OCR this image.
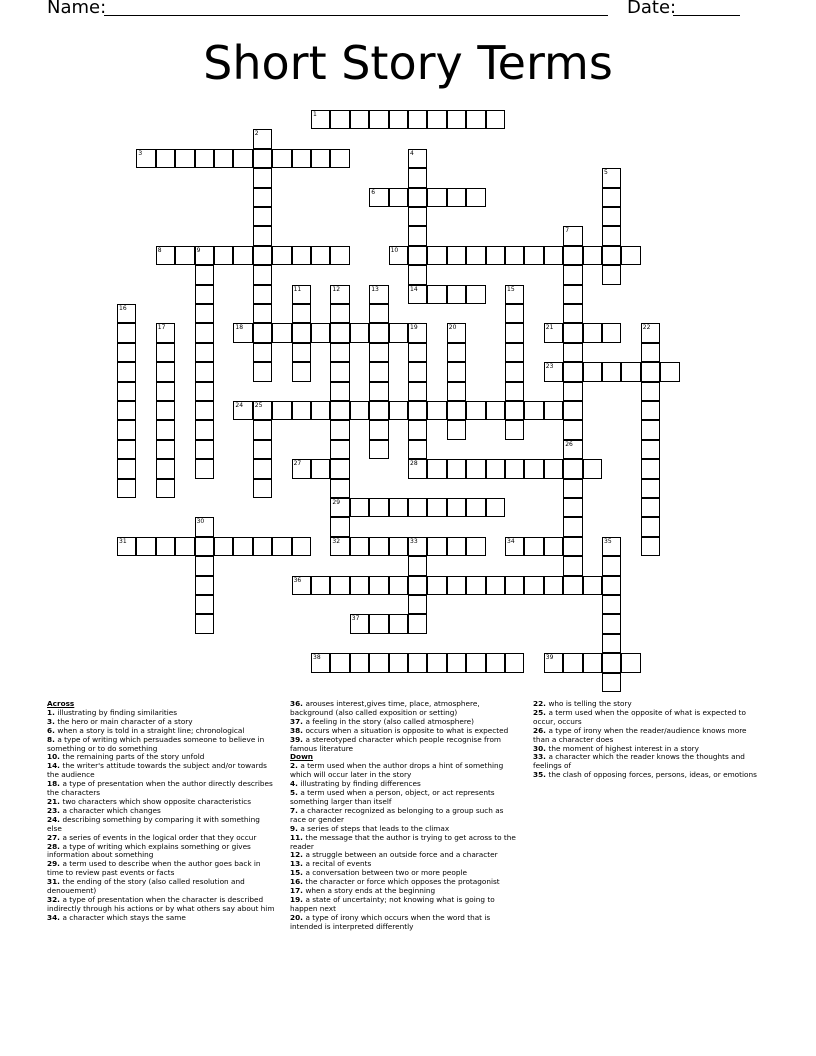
Name:	Date:
Short Story Terms
1
2
3	4
14
5
6
7
26
8	9	10
11	12
29
32
13	15
16
17	18	19	20	21	22
23
24 25
27	28
30
31	33	34	35
36
37
38	39
Across
1. illustrating by finding similarities
3. the hero or main character of a story
6. when a story is told in a straight line; chronological
8. a type of writing which persuades someone to believe in something or to do something
10. the remaining parts of the story unfold
14. the writer's attitude towards the subject and/or towards the audience
18. a type of presentation when the author directly describes the characters
21. two characters which show opposite characteristics
23. a character which changes
24. describing something by comparing it with something else
27. a series of events in the logical order that they occur
28. a type of writing which explains something or gives information about something
29. a term used to describe when the author goes back in time to review past events or facts
31. the ending of the story (also called resolution and denouement)
32. a type of presentation when the character is described indirectly through his actions or by what others say about him
34. a character which stays the same
36. arouses interest,gives time, place, atmosphere, background (also called exposition or setting)
37. a feeling in the story (also called atmosphere)
38. occurs when a situation is opposite to what is expected
39. a stereotyped character which people recognise from famous literature
Down
2. a term used when the author drops a hint of something which will occur later in the story
4. illustrating by finding differences
5. a term used when a person, object, or act represents something larger than itself
7. a character recognized as belonging to a group such as race or gender
9. a series of steps that leads to the climax
11. the message that the author is trying to get across to the reader
12. a struggle between an outside force and a character
13. a recital of events
15. a conversation between two or more people
16. the character or force which opposes the protagonist
17. when a story ends at the beginning
19. a state of uncertainty; not knowing what is going to happen next
20. a type of irony which occurs when the word that is intended is interpreted differently
22. who is telling the story
25. a term used when the opposite of what is expected to occur, occurs
26. a type of irony when the reader/audience knows more than a character does
30. the moment of highest interest in a story
33. a character which the reader knows the thoughts and feelings of
35. the clash of opposing forces, persons, ideas, or emotions
